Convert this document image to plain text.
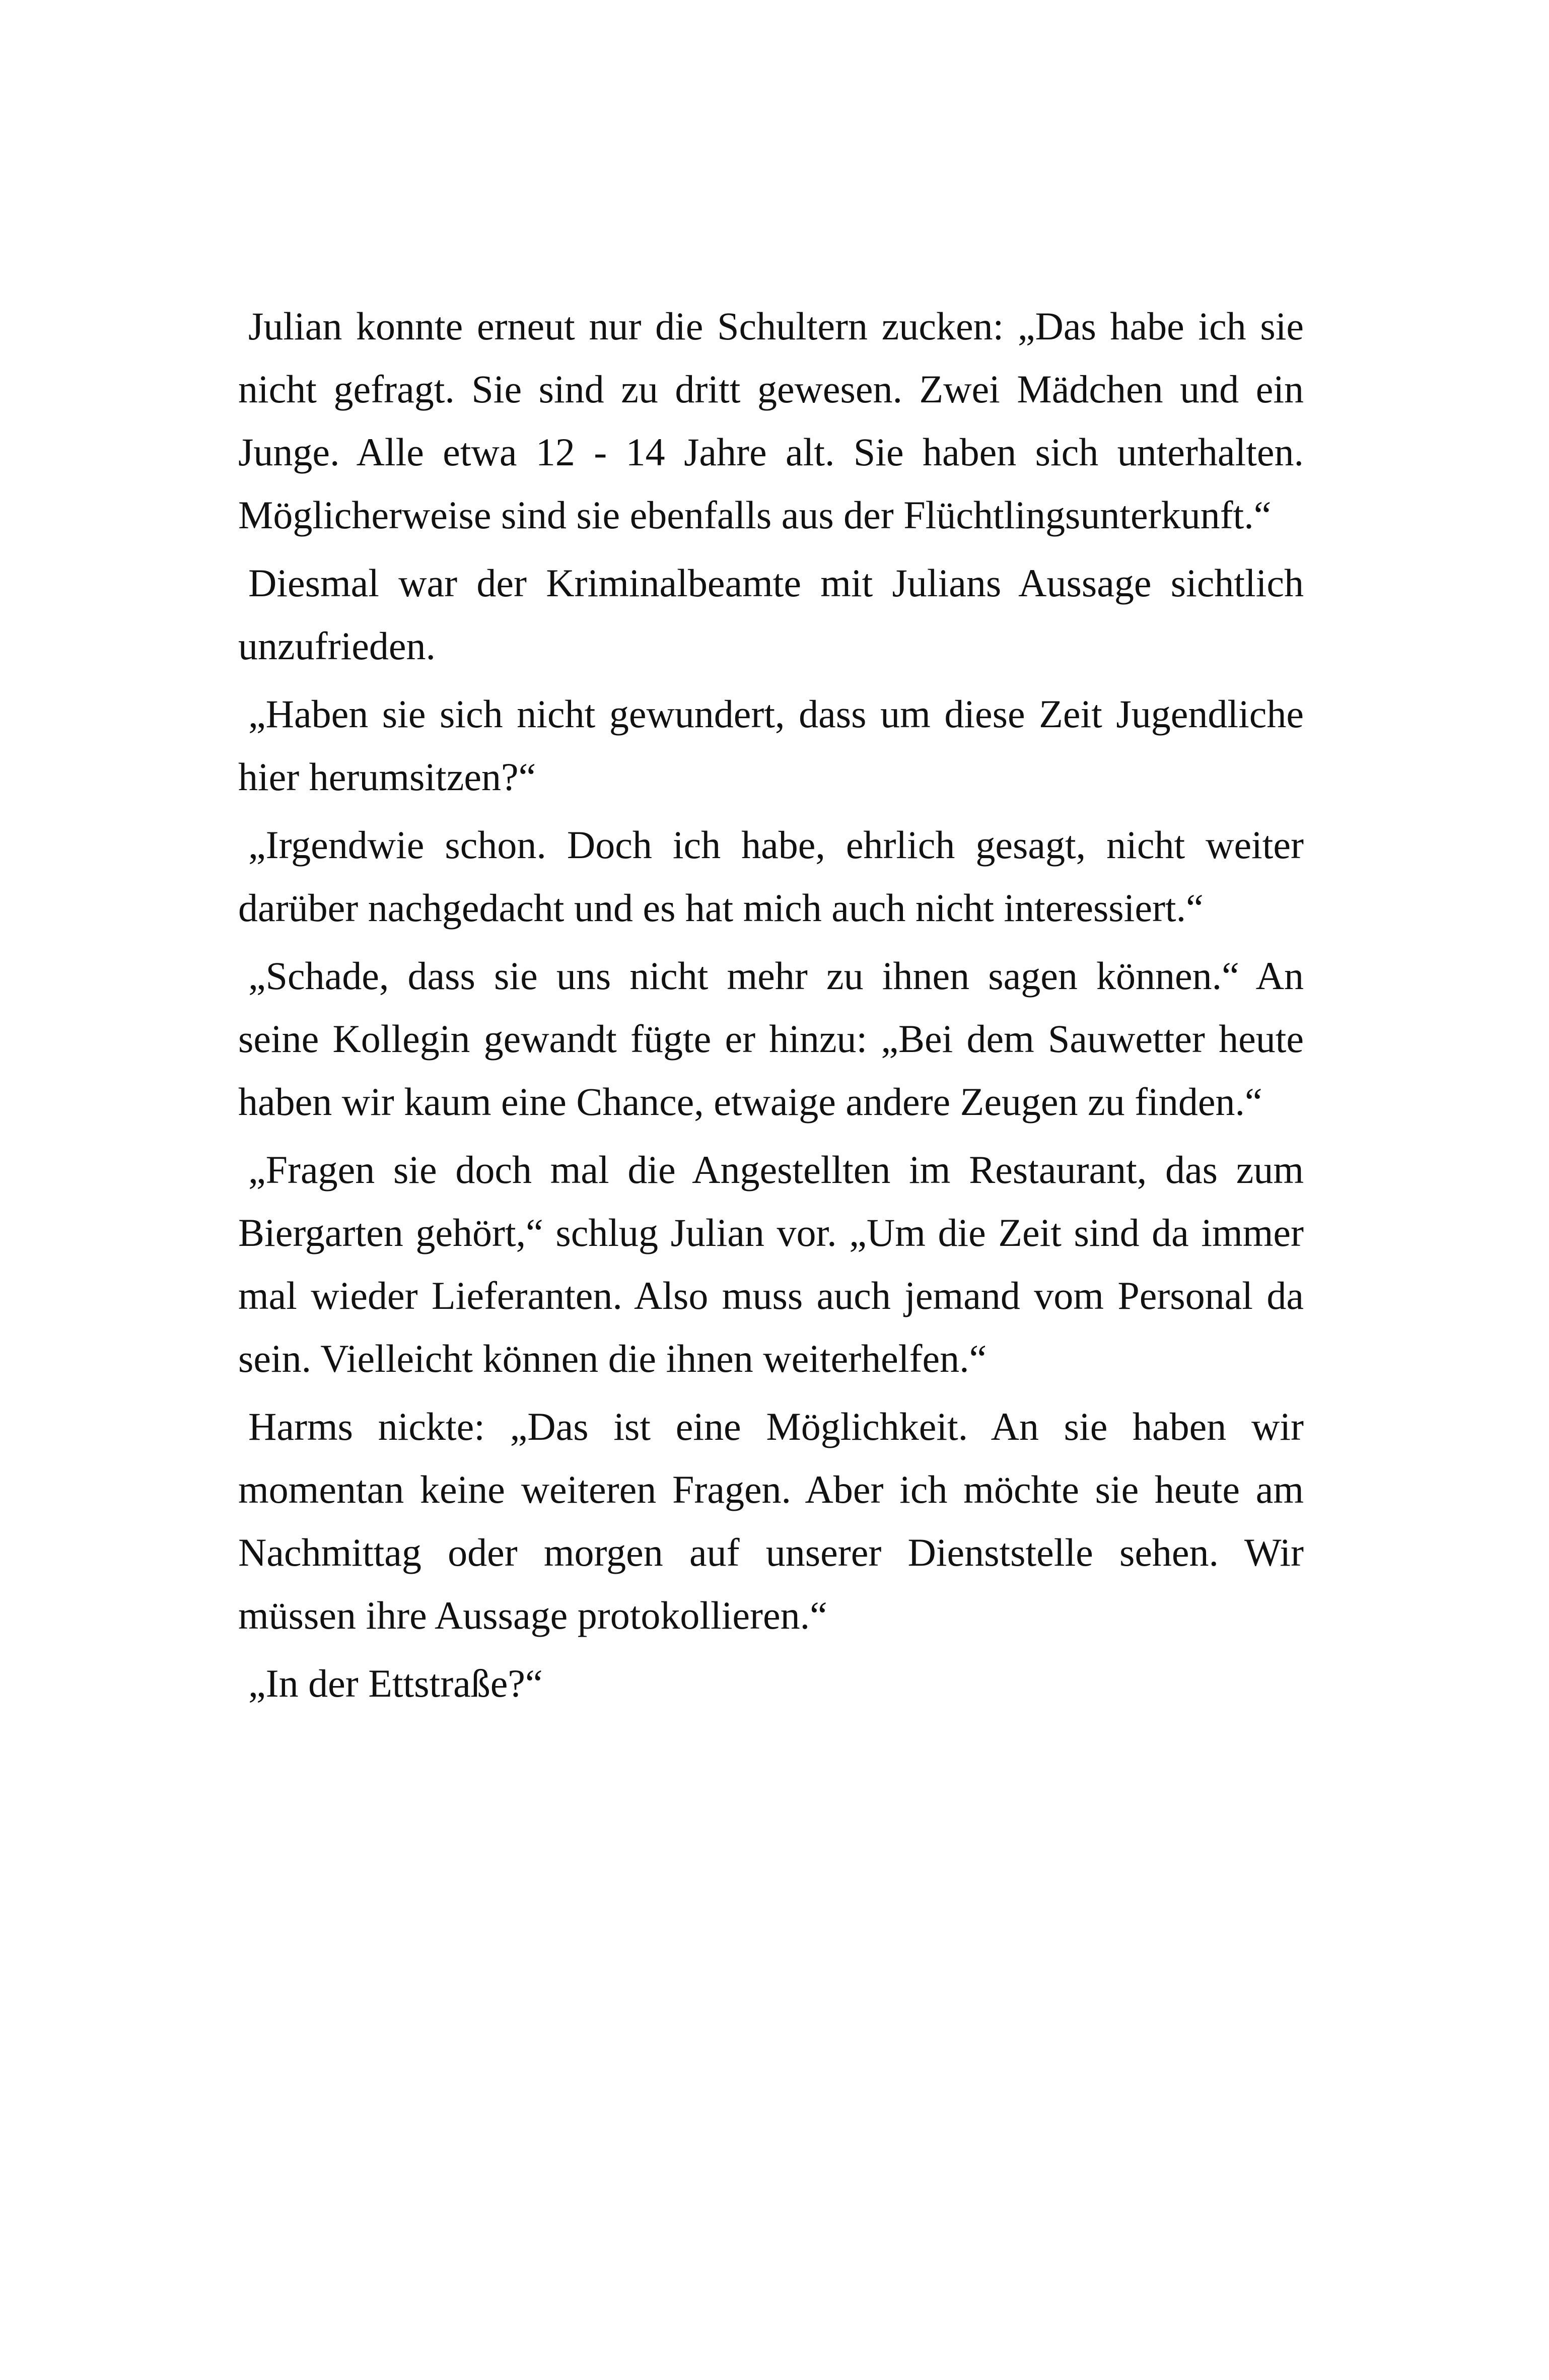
Julian konnte erneut nur die Schultern zucken: „Das habe ich sie nicht gefragt. Sie sind zu dritt gewesen. Zwei Mädchen und ein Junge. Alle etwa 12 - 14 Jahre alt. Sie haben sich unterhalten. Möglicherweise sind sie ebenfalls aus der Flüchtlingsunterkunft.“

Diesmal war der Kriminalbeamte mit Julians Aussage sichtlich unzufrieden.

„Haben sie sich nicht gewundert, dass um diese Zeit Jugendliche hier herumsitzen?“

„Irgendwie schon. Doch ich habe, ehrlich gesagt, nicht weiter darüber nachgedacht und es hat mich auch nicht interessiert.“

„Schade, dass sie uns nicht mehr zu ihnen sagen können.“ An seine Kollegin gewandt fügte er hinzu: „Bei dem Sauwetter heute haben wir kaum eine Chance, etwaige andere Zeugen zu finden.“

„Fragen sie doch mal die Angestellten im Restaurant, das zum Biergarten gehört,“ schlug Julian vor. „Um die Zeit sind da immer mal wieder Lieferanten. Also muss auch jemand vom Personal da sein. Vielleicht können die ihnen weiterhelfen.“

Harms nickte: „Das ist eine Möglichkeit. An sie haben wir momentan keine weiteren Fragen. Aber ich möchte sie heute am Nachmittag oder morgen auf unserer Dienststelle sehen. Wir müssen ihre Aussage protokollieren.“

„In der Ettstraße?“
